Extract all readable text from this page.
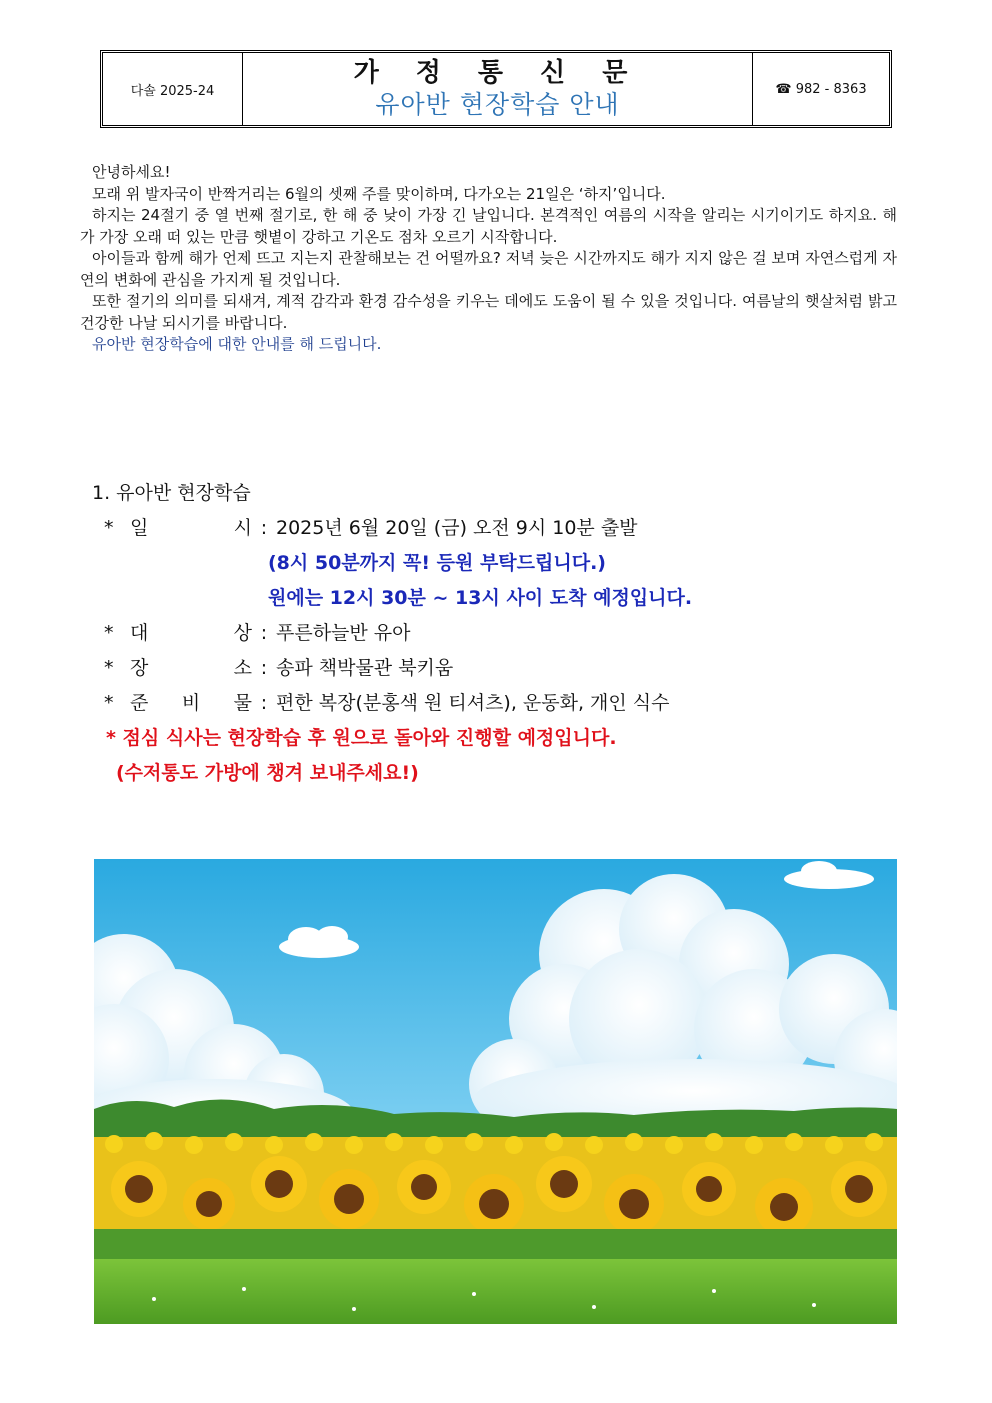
다솔 2025-24
가 정 통 신 문
유아반 현장학습 안내
☎
982 - 8363

안녕하세요!

모래 위 발자국이 반짝거리는 6월의 셋째 주를 맞이하며, 다가오는 21일은 ‘하지’입니다.

하지는 24절기 중 열 번째 절기로, 한 해 중 낮이 가장 긴 날입니다. 본격적인 여름의 시작을 알리는 시기이기도 하지요. 해가 가장 오래 떠 있는 만큼 햇볕이 강하고 기온도 점차 오르기 시작합니다.

아이들과 함께 해가 언제 뜨고 지는지 관찰해보는 건 어떨까요? 저녁 늦은 시간까지도 해가 지지 않은 걸 보며 자연스럽게 자연의 변화에 관심을 가지게 될 것입니다.

또한 절기의 의미를 되새겨, 계적 감각과 환경 감수성을 키우는 데에도 도움이 될 수 있을 것입니다. 여름날의 햇살처럼 밝고 건강한 나날 되시기를 바랍니다.

유아반 현장학습에 대한 안내를 해 드립니다.

1. 유아반 현장학습
* 일	시 : 2025년 6월 20일 (금) 오전 9시 10분 출발
(8시 50분까지 꼭! 등원 부탁드립니다.)
원에는 12시 30분 ~ 13시 사이 도착 예정입니다.
* 대	상 : 푸른하늘반 유아
* 장	소 : 송파 책박물관 북키움
* 준 비 물 : 편한 복장(분홍색 원 티셔츠), 운동화, 개인 식수
* 점심 식사는 현장학습 후 원으로 돌아와 진행할 예정입니다.
(수저통도 가방에 챙겨 보내주세요!)
